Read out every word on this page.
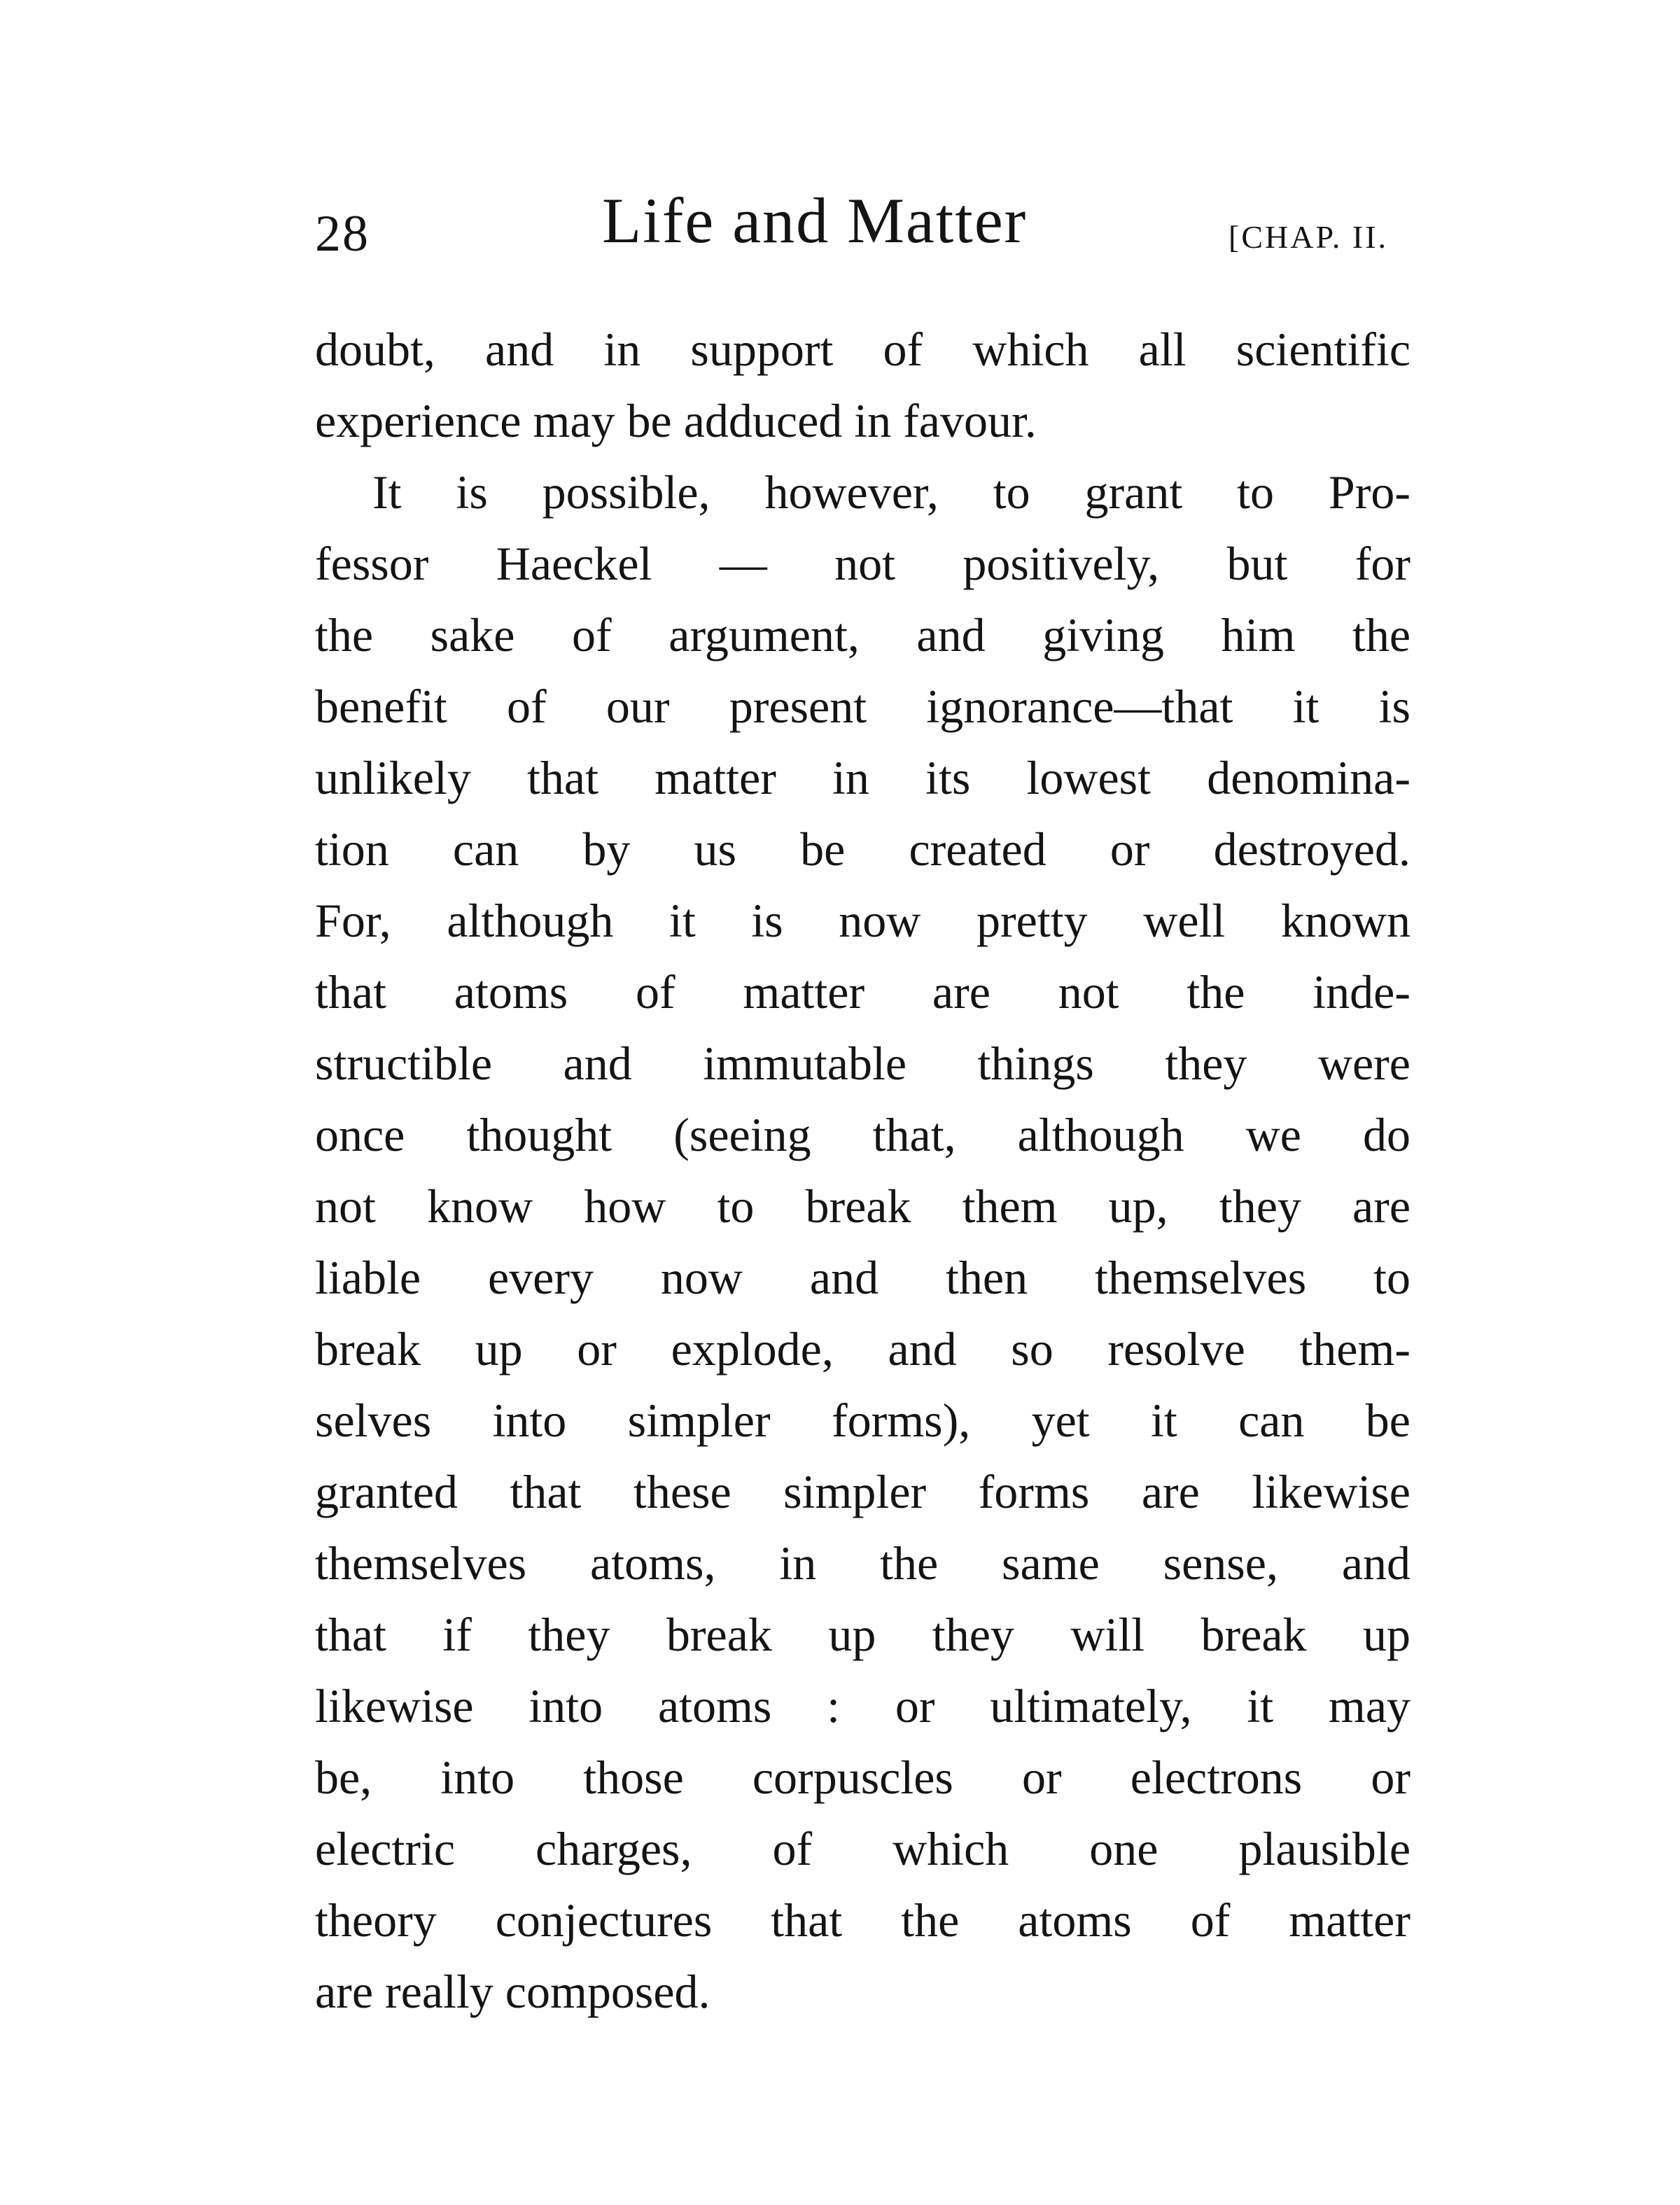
28	Life and Matter	[CHAP. II.
doubt, and in support of which all scientific
experience may be adduced in favour.
It is possible, however, to grant to Pro-
fessor Haeckel — not positively, but for
the sake of argument, and giving him the
benefit of our present ignorance—that it is
unlikely that matter in its lowest denomina-
tion can by us be created or destroyed.
For, although it is now pretty well known
that atoms of matter are not the inde-
structible and immutable things they were
once thought (seeing that, although we do
not know how to break them up, they are
liable every now and then themselves to
break up or explode, and so resolve them-
selves into simpler forms), yet it can be
granted that these simpler forms are likewise
themselves atoms, in the same sense, and
that if they break up they will break up
likewise into atoms : or ultimately, it may
be, into those corpuscles or electrons or
electric charges, of which one plausible
theory conjectures that the atoms of matter
are really composed.
